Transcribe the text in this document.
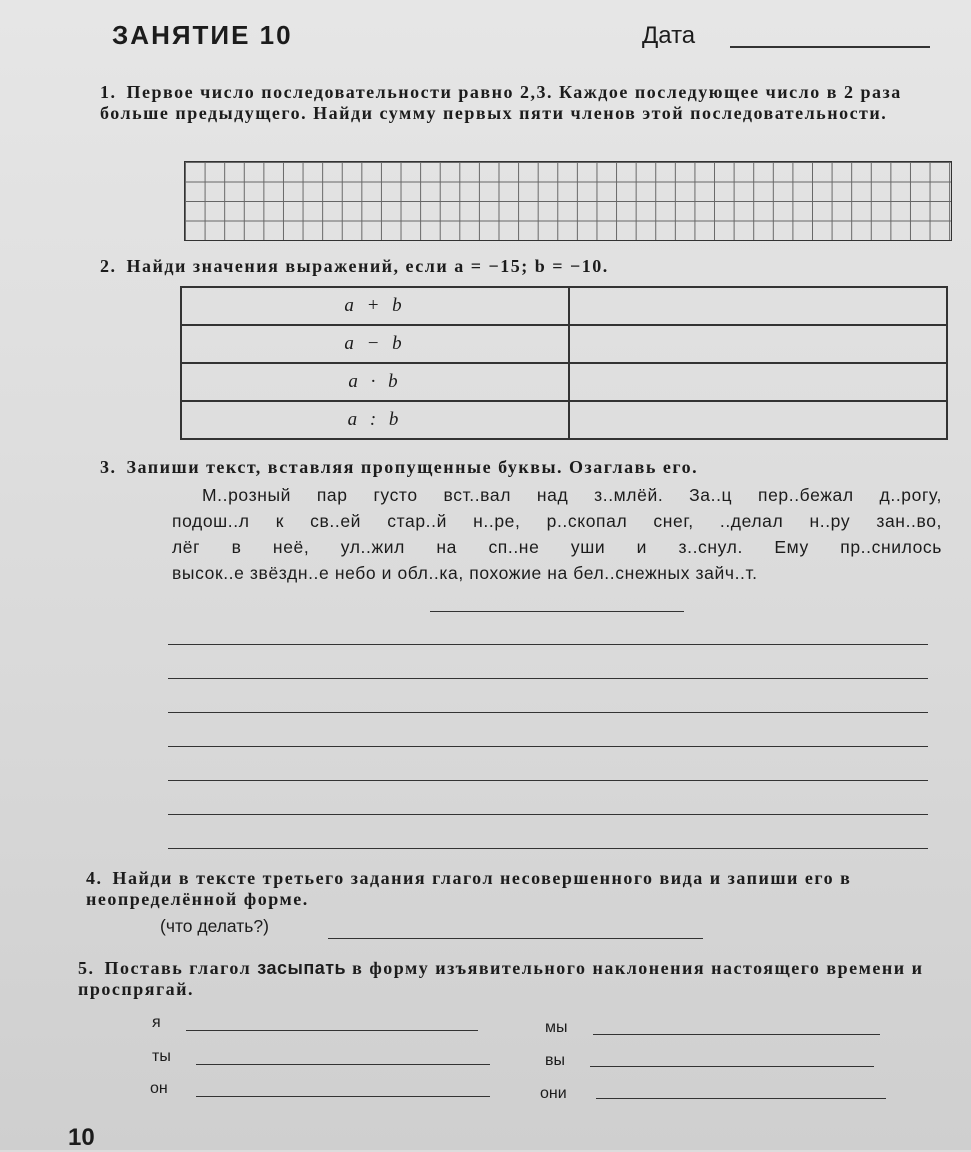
ЗАНЯТИЕ 10	Дата
1. Первое число последовательности равно 2,3. Каждое последующее число в 2 раза больше предыдущего. Найди сумму первых пяти членов этой последовательности.
2. Найди значения выражений, если a = −15; b = −10.
a + b	
a − b	
a · b	
a : b	
3. Запиши текст, вставляя пропущенные буквы. Озаглавь его.

М..розный пар густо вст..вал над з..млёй. За..ц пер..бежал д..рогу,

подош..л к св..ей стар..й н..ре, р..скопал снег, ..делал н..ру зан..во,

лёг в неё, ул..жил на сп..не уши и з..снул. Ему пр..снилось

высок..е звёздн..е небо и обл..ка, похожие на бел..снежных зайч..т.

4. Найди в тексте третьего задания глагол несовершенного вида и запиши его в неопределённой форме.
(что делать?)
5. Поставь глагол засыпать в форму изъявительного наклонения настоящего времени и проспрягай.
я
ты
он
мы
вы
они
10
